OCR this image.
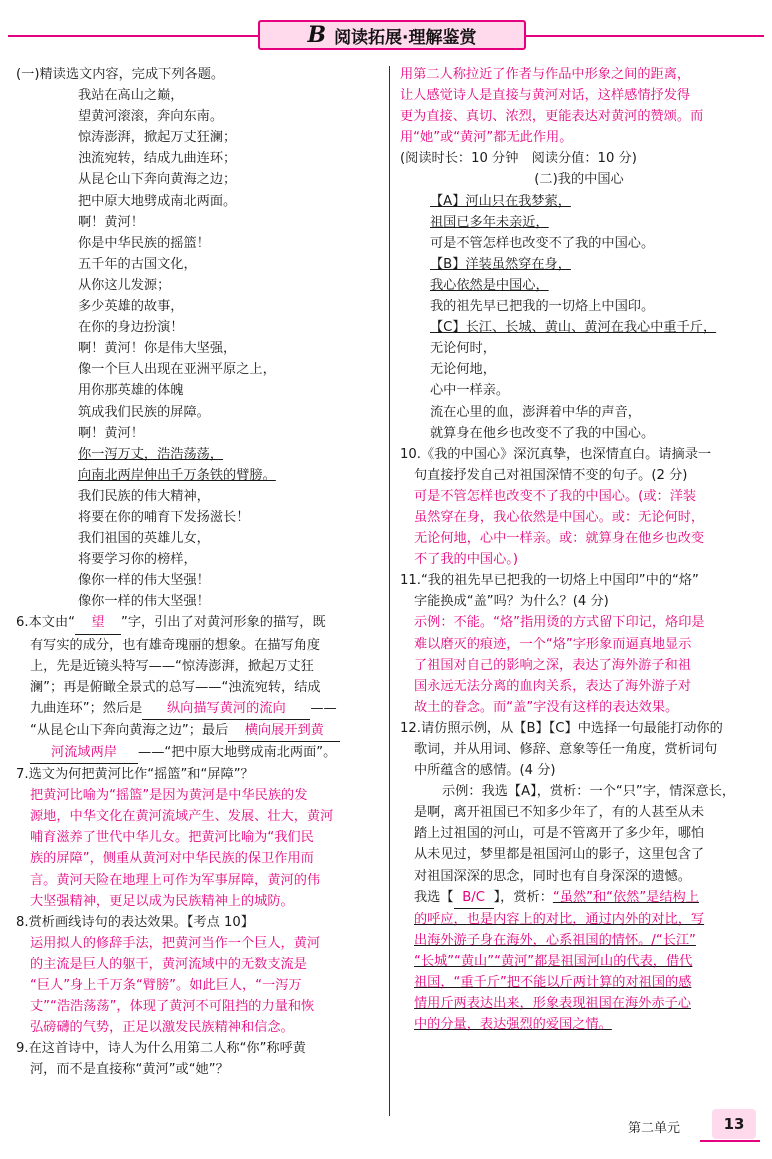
B 阅读拓展·理解鉴赏
(一)精读选文内容，完成下列各题。
我站在高山之巅，
望黄河滚滚，奔向东南。
惊涛澎湃，掀起万丈狂澜；
浊流宛转，结成九曲连环；
从昆仑山下奔向黄海之边；
把中原大地劈成南北两面。
啊！黄河！
你是中华民族的摇篮！
五千年的古国文化，
从你这儿发源；
多少英雄的故事，
在你的身边扮演！
啊！黄河！你是伟大坚强，
像一个巨人出现在亚洲平原之上，
用你那英雄的体魄
筑成我们民族的屏障。
啊！黄河！
你一泻万丈，浩浩荡荡，
向南北两岸伸出千万条铁的臂膀。
我们民族的伟大精神，
将要在你的哺育下发扬滋长！
我们祖国的英雄儿女，
将要学习你的榜样，
像你一样的伟大坚强！
像你一样的伟大坚强！
6.本文由“ 望 ”字，引出了对黄河形象的描写，既
有写实的成分，也有雄奇瑰丽的想象。在描写角度
上，先是近镜头特写——“惊涛澎湃，掀起万丈狂
澜”；再是俯瞰全景式的总写——“浊流宛转，结成
九曲连环”；然后是 纵向描写黄河的流向 ——
“从昆仑山下奔向黄海之边”；最后 横向展开到黄
河流域两岸 ——“把中原大地劈成南北两面”。
7.选文为何把黄河比作“摇篮”和“屏障”？
把黄河比喻为“摇篮”是因为黄河是中华民族的发
源地，中华文化在黄河流域产生、发展、壮大，黄河
哺育滋养了世代中华儿女。把黄河比喻为“我们民
族的屏障”，侧重从黄河对中华民族的保卫作用而
言。黄河天险在地理上可作为军事屏障，黄河的伟
大坚强精神，更足以成为民族精神上的城防。
8.赏析画线诗句的表达效果。【考点 10】
运用拟人的修辞手法，把黄河当作一个巨人，黄河
的主流是巨人的躯干，黄河流域中的无数支流是
“巨人”身上千万条“臂膀”。如此巨人，“一泻万
丈”“浩浩荡荡”，体现了黄河不可阻挡的力量和恢
弘磅礴的气势，正足以激发民族精神和信念。
9.在这首诗中，诗人为什么用第二人称“你”称呼黄
河，而不是直接称“黄河”或“她”？
用第二人称拉近了作者与作品中形象之间的距离，
让人感觉诗人是直接与黄河对话，这样感情抒发得
更为直接、真切、浓烈，更能表达对黄河的赞颂。而
用“她”或“黄河”都无此作用。
(阅读时长：10 分钟　阅读分值：10 分)
(二)我的中国心
【A】河山只在我梦萦，
祖国已多年未亲近，
可是不管怎样也改变不了我的中国心。
【B】洋装虽然穿在身，
我心依然是中国心，
我的祖先早已把我的一切烙上中国印。
【C】长江、长城、黄山、黄河在我心中重千斤，
无论何时，
无论何地，
心中一样亲。
流在心里的血，澎湃着中华的声音，
就算身在他乡也改变不了我的中国心。
10.《我的中国心》深沉真挚，也深情直白。请摘录一
句直接抒发自己对祖国深情不变的句子。(2 分)
可是不管怎样也改变不了我的中国心。(或：洋装
虽然穿在身，我心依然是中国心。或：无论何时，
无论何地，心中一样亲。或：就算身在他乡也改变
不了我的中国心。)
11.“我的祖先早已把我的一切烙上中国印”中的“烙”
字能换成“盖”吗？为什么？(4 分)
示例：不能。“烙”指用烫的方式留下印记，烙印是
难以磨灭的痕迹，一个“烙”字形象而逼真地显示
了祖国对自己的影响之深，表达了海外游子和祖
国永远无法分离的血肉关系，表达了海外游子对
故土的眷念。而“盖”字没有这样的表达效果。
12.请仿照示例，从【B】【C】中选择一句最能打动你的
歌词，并从用词、修辞、意象等任一角度，赏析词句
中所蕴含的感情。(4 分)
示例：我选【A】，赏析：一个“只”字，情深意长，
是啊，离开祖国已不知多少年了，有的人甚至从未
踏上过祖国的河山，可是不管离开了多少年，哪怕
从未见过，梦里都是祖国河山的影子，这里包含了
对祖国深深的思念，同时也有自身深深的遗憾。
我选【 B/C 】，赏析：“虽然”和“依然”是结构上
的呼应，也是内容上的对比，通过内外的对比，写
出海外游子身在海外，心系祖国的情怀。/“长江”
“长城”“黄山”“黄河”都是祖国河山的代表，借代
祖国，“重千斤”把不能以斤两计算的对祖国的感
情用斤两表达出来，形象表现祖国在海外赤子心
中的分量，表达强烈的爱国之情。
第二单元	13
